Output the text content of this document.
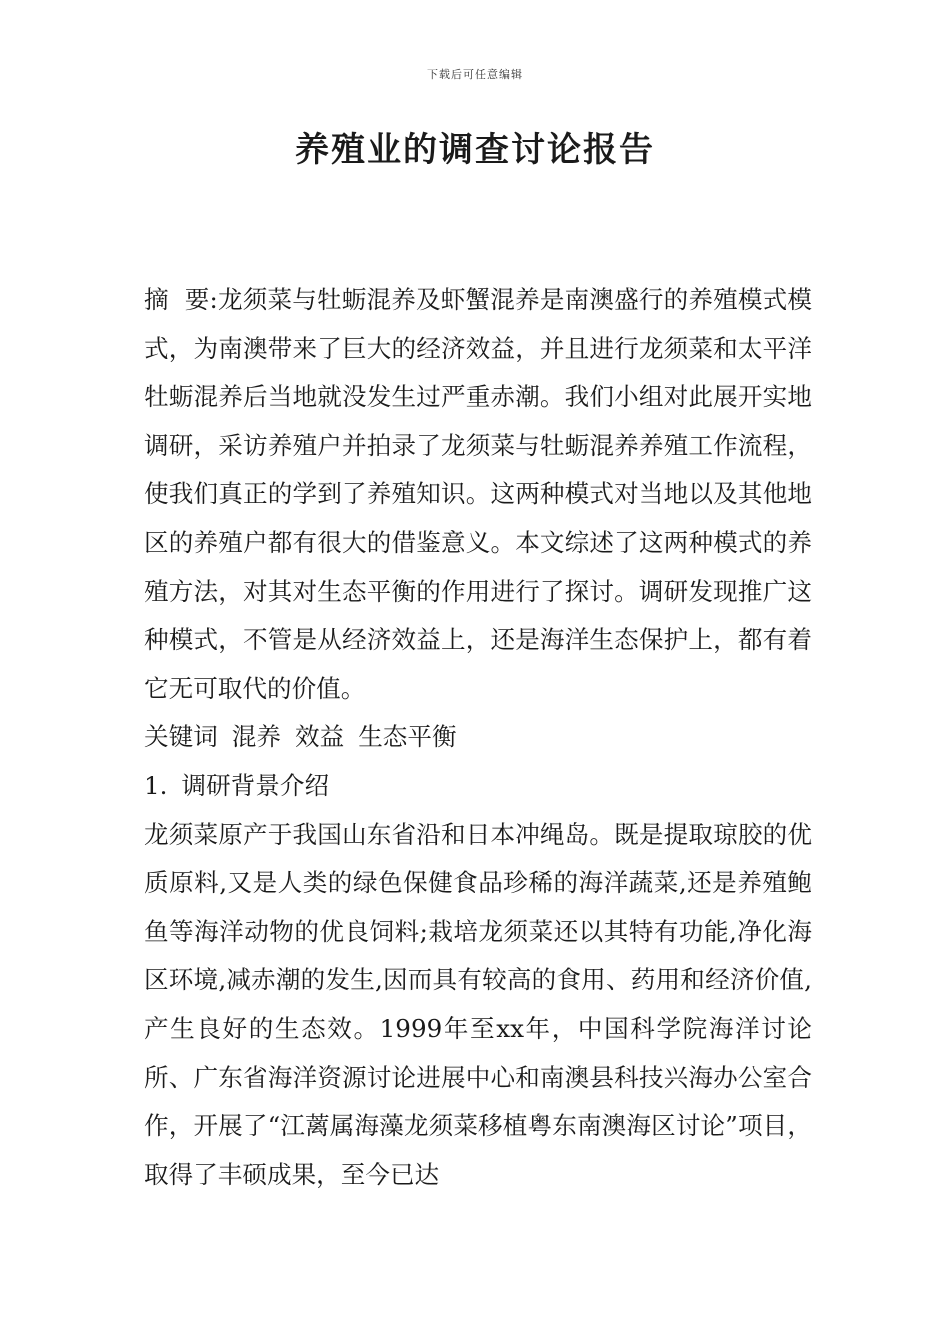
下载后可任意编辑
养殖业的调查讨论报告

摘  要:龙须菜与牡蛎混养及虾蟹混养是南澳盛行的养殖模式模式，为南澳带来了巨大的经济效益，并且进行龙须菜和太平洋牡蛎混养后当地就没发生过严重赤潮。我们小组对此展开实地调研，采访养殖户并拍录了龙须菜与牡蛎混养养殖工作流程，使我们真正的学到了养殖知识。这两种模式对当地以及其他地区的养殖户都有很大的借鉴意义。本文综述了这两种模式的养殖方法，对其对生态平衡的作用进行了探讨。调研发现推广这种模式，不管是从经济效益上，还是海洋生态保护上，都有着它无可取代的价值。

关键词 混养 效益 生态平衡

1. 调研背景介绍

龙须菜原产于我国山东省沿和日本冲绳岛。既是提取琼胶的优质原料,又是人类的绿色保健食品珍稀的海洋蔬菜,还是养殖鲍鱼等海洋动物的优良饲料;栽培龙须菜还以其特有功能,净化海区环境,减赤潮的发生,因而具有较高的食用、药用和经济价值,产生良好的生态效。1999年至xx年，中国科学院海洋讨论所、广东省海洋资源讨论进展中心和南澳县科技兴海办公室合作，开展了“江蓠属海藻龙须菜移植粤东南澳海区讨论”项目，取得了丰硕成果，至今已达
